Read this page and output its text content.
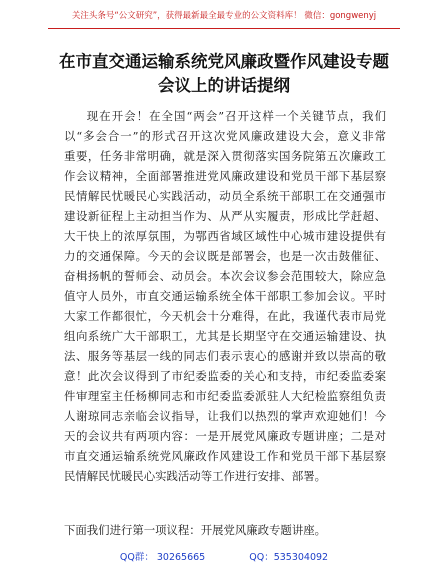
关注头条号“公文研究”，获得最新最全最专业的公文资料库！ 微信：gongwenyj
在市直交通运输系统党风廉政暨作风建设专题
会议上的讲话提纲
现在开会！在全国“两会”召开这样一个关键节点，我们
以“多会合一”的形式召开这次党风廉政建设大会，意义非常
重要，任务非常明确，就是深入贯彻落实国务院第五次廉政工
作会议精神，全面部署推进党风廉政建设和党员干部下基层察
民情解民忧暖民心实践活动，动员全系统干部职工在交通强市
建设新征程上主动担当作为、从严从实履责，形成比学赶超、
大干快上的浓厚氛围，为鄂西省域区域性中心城市建设提供有
力的交通保障。今天的会议既是部署会，也是一次击鼓催征、
奋楫扬帆的誓师会、动员会。本次会议参会范围较大，除应急
值守人员外，市直交通运输系统全体干部职工参加会议。平时
大家工作都很忙，今天机会十分难得，在此，我谨代表市局党
组向系统广大干部职工，尤其是长期坚守在交通运输建设、执
法、服务等基层一线的同志们表示衷心的感谢并致以崇高的敬
意！此次会议得到了市纪委监委的关心和支持，市纪委监委案
件审理室主任杨柳同志和市纪委监委派驻人大纪检监察组负责
人谢琼同志亲临会议指导，让我们以热烈的掌声欢迎她们！今
天的会议共有两项内容：一是开展党风廉政专题讲座；二是对
市直交通运输系统党风廉政作风建设工作和党员干部下基层察
民情解民忧暖民心实践活动等工作进行安排、部署。

下面我们进行第一项议程：开展党风廉政专题讲座。

QQ群： 30265665	QQ：535304092
